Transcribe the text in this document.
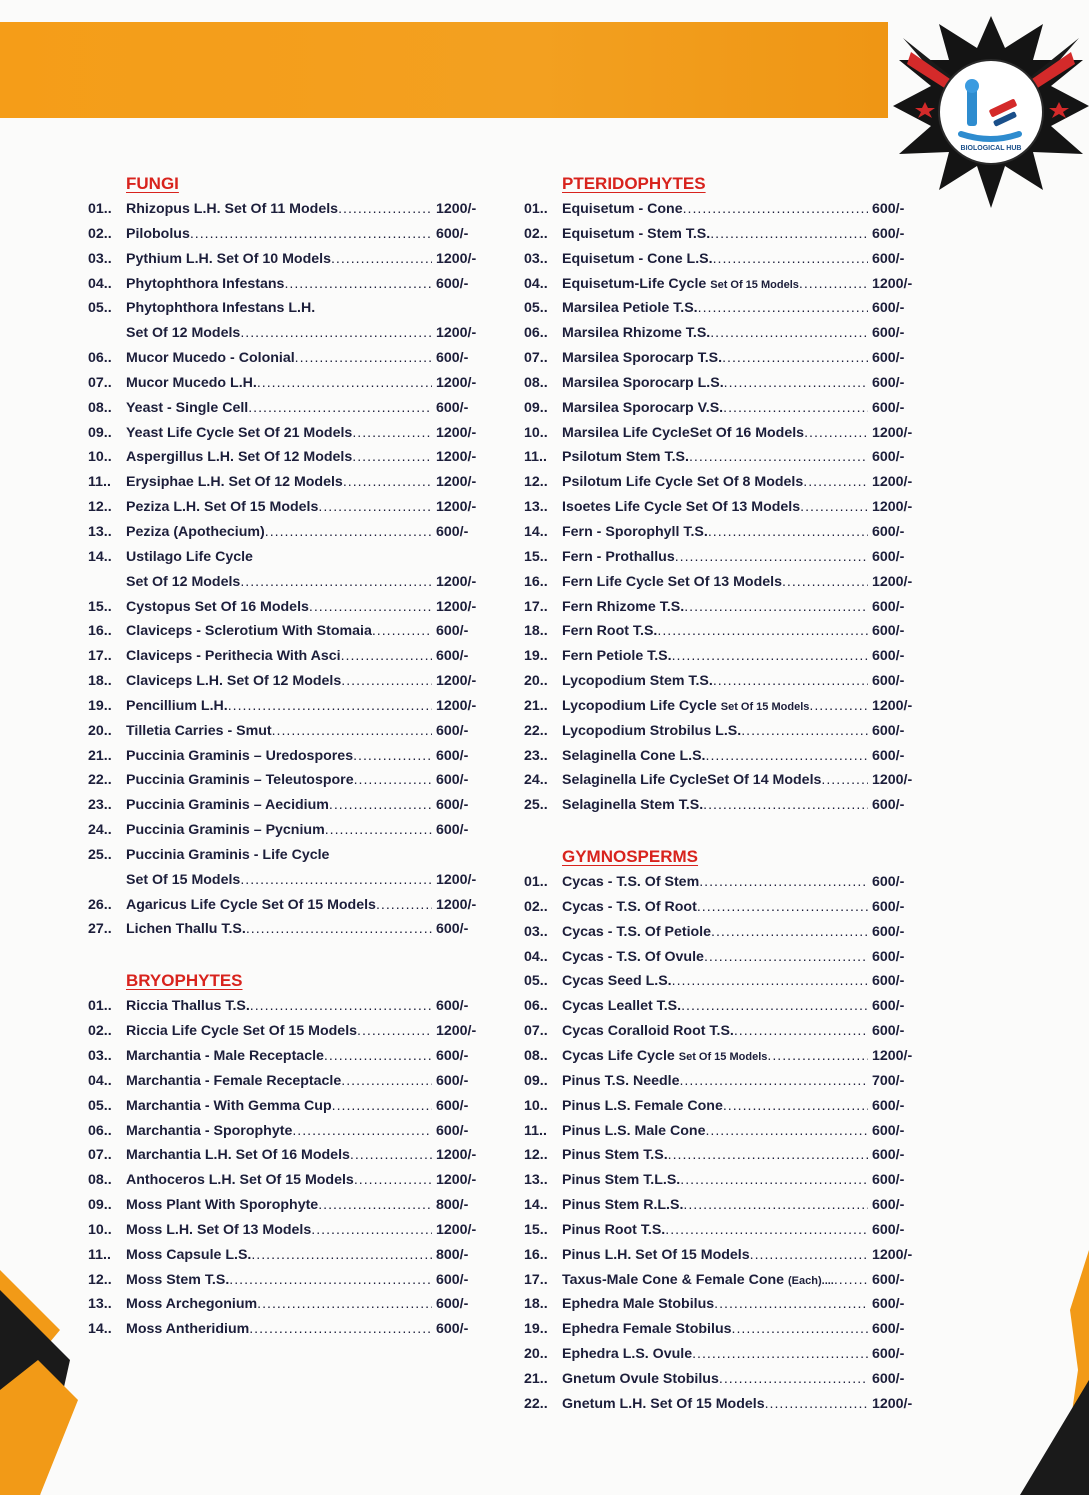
BIOLOGICAL HUB
FUNGI
01..	Rhizopus L.H. Set Of 11 Models .....	1200/-
02..	Pilobolus .....	600/-
03..	Pythium L.H. Set Of 10 Models .....	1200/-
04..	Phytophthora Infestans .....	600/-
05..	Phytophthora Infestans L.H.
Set Of 12 Models .....	1200/-
06..	Mucor Mucedo - Colonial .....	600/-
07..	Mucor Mucedo L.H. .....	1200/-
08..	Yeast - Single Cell .....	600/-
09..	Yeast Life Cycle Set Of 21 Models .....	1200/-
10..	Aspergillus L.H. Set Of 12 Models .....	1200/-
11..	Erysiphae L.H. Set Of 12 Models .....	1200/-
12..	Peziza L.H. Set Of 15 Models .....	1200/-
13..	Peziza (Apothecium) .....	600/-
14..	Ustilago Life Cycle
Set Of 12 Models .....	1200/-
15..	Cystopus Set Of 16 Models .....	1200/-
16..	Claviceps - Sclerotium With Stomaia .....	600/-
17..	Claviceps - Perithecia With Asci .....	600/-
18..	Claviceps L.H. Set Of 12 Models .....	1200/-
19..	Pencillium L.H. .....	1200/-
20..	Tilletia Carries - Smut .....	600/-
21..	Puccinia Graminis – Uredospores .....	600/-
22..	Puccinia Graminis – Teleutospore .....	600/-
23..	Puccinia Graminis – Aecidium .....	600/-
24..	Puccinia Graminis – Pycnium .....	600/-
25..	Puccinia Graminis - Life Cycle
Set Of 15 Models .....	1200/-
26..	Agaricus Life Cycle Set Of 15 Models .....	1200/-
27..	Lichen Thallu T.S. .....	600/-
BRYOPHYTES
01..	Riccia Thallus T.S. .....	600/-
02..	Riccia Life Cycle Set Of 15 Models .....	1200/-
03..	Marchantia - Male Receptacle .....	600/-
04..	Marchantia - Female Receptacle .....	600/-
05..	Marchantia - With Gemma Cup .....	600/-
06..	Marchantia - Sporophyte .....	600/-
07..	Marchantia L.H. Set Of 16 Models .....	1200/-
08..	Anthoceros L.H. Set Of 15 Models .....	1200/-
09..	Moss Plant With Sporophyte .....	800/-
10..	Moss L.H. Set Of 13 Models .....	1200/-
11..	Moss Capsule L.S. .....	800/-
12..	Moss Stem T.S. .....	600/-
13..	Moss Archegonium .....	600/-
14..	Moss Antheridium .....	600/-
PTERIDOPHYTES
01..	Equisetum - Cone .....	600/-
02..	Equisetum - Stem T.S. .....	600/-
03..	Equisetum - Cone L.S. .....	600/-
04..	Equisetum-Life Cycle Set Of 15 Models .....	1200/-
05..	Marsilea Petiole T.S. .....	600/-
06..	Marsilea Rhizome T.S. .....	600/-
07..	Marsilea Sporocarp T.S. .....	600/-
08..	Marsilea Sporocarp L.S. .....	600/-
09..	Marsilea Sporocarp V.S. .....	600/-
10..	Marsilea Life CycleSet Of 16 Models .....	1200/-
11..	Psilotum Stem T.S. .....	600/-
12..	Psilotum Life Cycle Set Of 8 Models .....	1200/-
13..	Isoetes Life Cycle Set Of 13 Models .....	1200/-
14..	Fern - Sporophyll T.S. .....	600/-
15..	Fern - Prothallus .....	600/-
16..	Fern Life Cycle Set Of 13 Models .....	1200/-
17..	Fern Rhizome T.S. .....	600/-
18..	Fern Root T.S. .....	600/-
19..	Fern Petiole T.S. .....	600/-
20..	Lycopodium Stem T.S. .....	600/-
21..	Lycopodium Life Cycle Set Of 15 Models .....	1200/-
22..	Lycopodium Strobilus L.S. .....	600/-
23..	Selaginella Cone L.S. .....	600/-
24..	Selaginella Life CycleSet Of 14 Models .....	1200/-
25..	Selaginella Stem T.S. .....	600/-
GYMNOSPERMS
01..	Cycas - T.S. Of Stem .....	600/-
02..	Cycas - T.S. Of Root .....	600/-
03..	Cycas - T.S. Of Petiole .....	600/-
04..	Cycas - T.S. Of Ovule .....	600/-
05..	Cycas Seed L.S. .....	600/-
06..	Cycas Leallet T.S. .....	600/-
07..	Cycas Coralloid Root T.S. .....	600/-
08..	Cycas Life Cycle Set Of 15 Models .....	1200/-
09..	Pinus T.S. Needle .....	700/-
10..	Pinus L.S. Female Cone .....	600/-
11..	Pinus L.S. Male Cone .....	600/-
12..	Pinus Stem T.S. .....	600/-
13..	Pinus Stem T.L.S. .....	600/-
14..	Pinus Stem R.L.S. .....	600/-
15..	Pinus Root T.S. .....	600/-
16..	Pinus L.H. Set Of 15 Models .....	1200/-
17..	Taxus-Male Cone & Female Cone (Each).... .....	600/-
18..	Ephedra Male Stobilus .....	600/-
19..	Ephedra Female Stobilus .....	600/-
20..	Ephedra L.S. Ovule .....	600/-
21..	Gnetum Ovule Stobilus .....	600/-
22..	Gnetum L.H. Set Of 15 Models .....	1200/-
